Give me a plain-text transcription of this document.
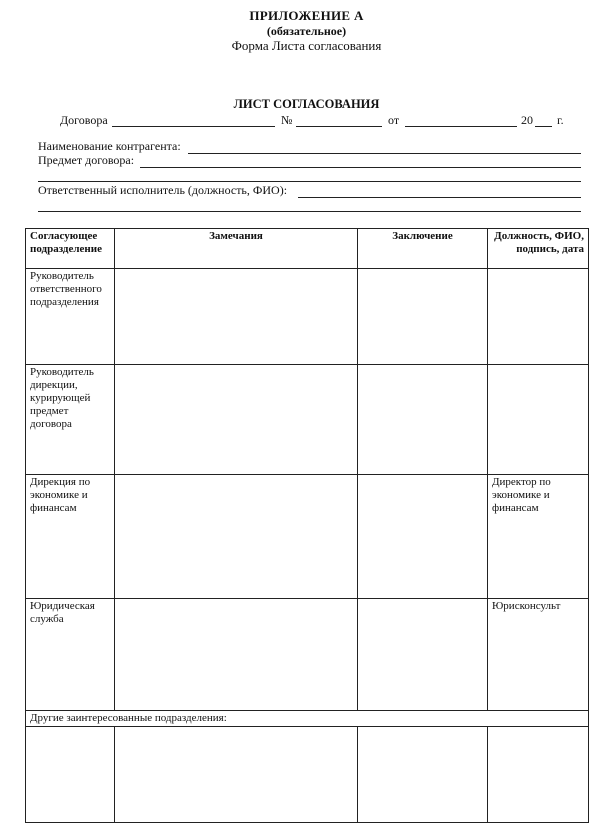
ПРИЛОЖЕНИЕ А
(обязательное)
Форма Листа согласования
ЛИСТ СОГЛАСОВАНИЯ
Договора	№	от	20 г.
Наименование контрагента:
Предмет договора:
Ответственный исполнитель (должность, ФИО):
Согласующее подразделение	Замечания	Заключение	Должность, ФИО, подпись, дата
Руководитель ответственного подразделения			
Руководитель дирекции, курирующей предмет договора			
Дирекция по экономике и финансам			Директор по экономике и финансам
Юридическая служба			Юрисконсульт
Другие заинтересованные подразделения:			
